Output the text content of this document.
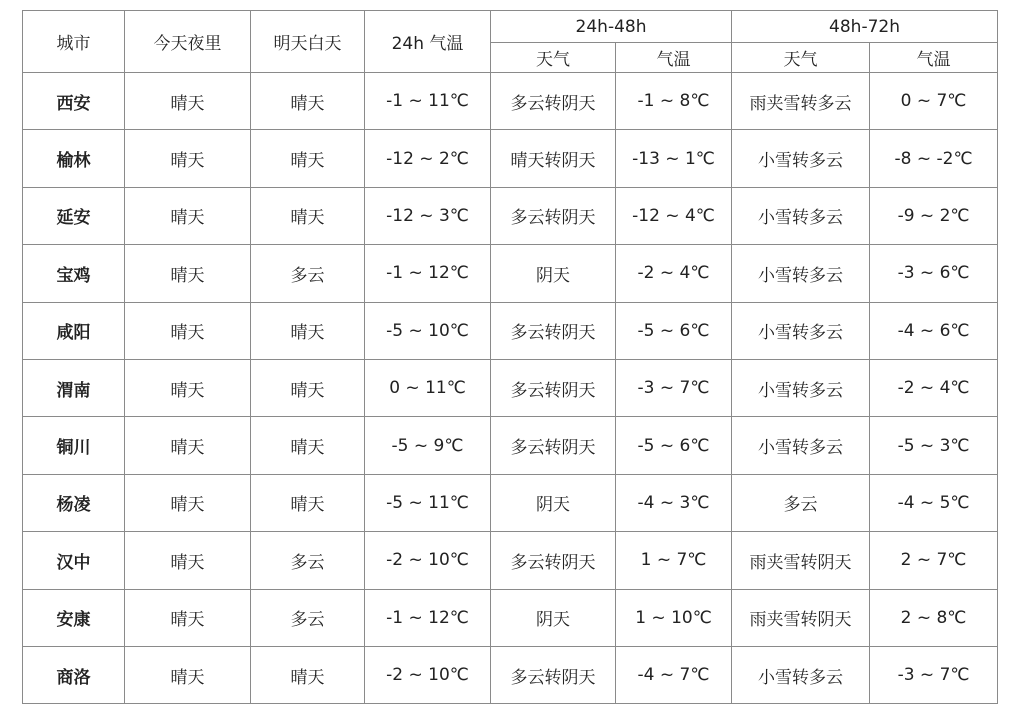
城市	今天夜里	明天白天	24h 气温	24h-48h		48h-72h	
				天气	气温	天气	气温
西安	晴天	晴天	-1 ~ 11℃	多云转阴天	-1 ~ 8℃	雨夹雪转多云	0 ~ 7℃
榆林	晴天	晴天	-12 ~ 2℃	晴天转阴天	-13 ~ 1℃	小雪转多云	-8 ~ -2℃
延安	晴天	晴天	-12 ~ 3℃	多云转阴天	-12 ~ 4℃	小雪转多云	-9 ~ 2℃
宝鸡	晴天	多云	-1 ~ 12℃	阴天	-2 ~ 4℃	小雪转多云	-3 ~ 6℃
咸阳	晴天	晴天	-5 ~ 10℃	多云转阴天	-5 ~ 6℃	小雪转多云	-4 ~ 6℃
渭南	晴天	晴天	0 ~ 11℃	多云转阴天	-3 ~ 7℃	小雪转多云	-2 ~ 4℃
铜川	晴天	晴天	-5 ~ 9℃	多云转阴天	-5 ~ 6℃	小雪转多云	-5 ~ 3℃
杨凌	晴天	晴天	-5 ~ 11℃	阴天	-4 ~ 3℃	多云	-4 ~ 5℃
汉中	晴天	多云	-2 ~ 10℃	多云转阴天	1 ~ 7℃	雨夹雪转阴天	2 ~ 7℃
安康	晴天	多云	-1 ~ 12℃	阴天	1 ~ 10℃	雨夹雪转阴天	2 ~ 8℃
商洛	晴天	晴天	-2 ~ 10℃	多云转阴天	-4 ~ 7℃	小雪转多云	-3 ~ 7℃
